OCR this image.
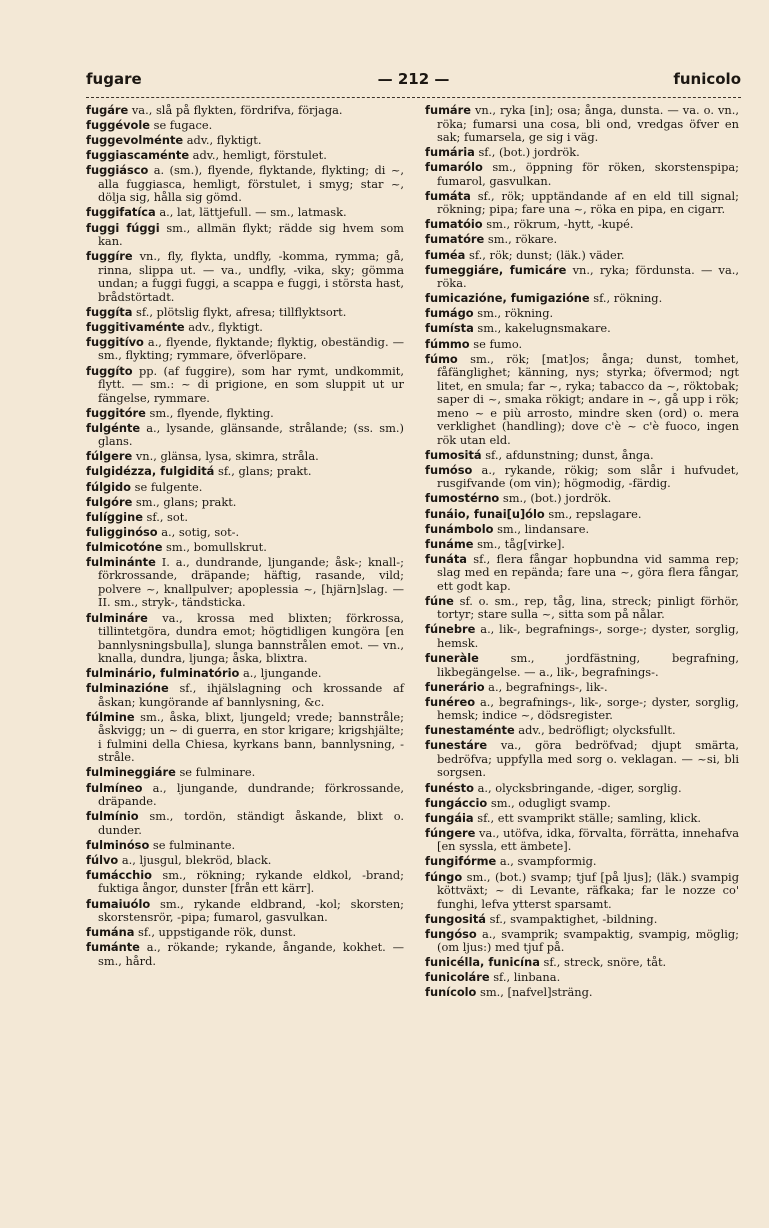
fugare	— 212 —	funicolo

fugáre va., slå på flykten, fördrifva, förjaga.

fuggévole se fugace.

fuggevolménte adv., flyktigt.

fuggiascaménte adv., hemligt, förstulet.

fuggiásco a. (sm.), flyende, flyktande, flykting; di ~, alla fuggiasca, hemligt, förstulet, i smyg; star ~, dölja sig, hålla sig gömd.

fuggifatíca a., lat, lättjefull. — sm., latmask.

fuggi fúggi sm., allmän flykt; rädde sig hvem som kan.

fuggíre vn., fly, flykta, undfly, -komma, rymma; gå, rinna, slippa ut. — va., undfly, -vika, sky; gömma undan; a fuggi fuggi, a scappa e fuggi, i största hast, brådstörtadt.

fuggíta sf., plötslig flykt, afresa; tillflyktsort.

fuggitivaménte adv., flyktigt.

fuggitívo a., flyende, flyktande; flyktig, obeständig. — sm., flykting; rymmare, öfverlöpare.

fuggíto pp. (af fuggire), som har rymt, undkommit, flytt. — sm.: ~ di prigione, en som sluppit ut ur fängelse, rymmare.

fuggitóre sm., flyende, flykting.

fulgénte a., lysande, glänsande, strålande; (ss. sm.) glans.

fúlgere vn., glänsa, lysa, skimra, stråla.

fulgidézza, fulgiditá sf., glans; prakt.

fúlgido se fulgente.

fulgóre sm., glans; prakt.

fulíggine sf., sot.

fuligginóso a., sotig, sot-.

fulmicotóne sm., bomullskrut.

fulminánte I. a., dundrande, ljungande; åsk-; knall-; förkrossande, dräpande; häftig, rasande, vild; polvere ~, knallpulver; apoplessia ~, [hjärn]slag. — II. sm., stryk-, tändsticka.

fulmináre va., krossa med blixten; förkrossa, tillintetgöra, dundra emot; högtidligen kungöra [en bannlysningsbulla], slunga bannstrålen emot. — vn., knalla, dundra, ljunga; åska, blixtra.

fulminário, fulminatório a., ljungande.

fulminazióne sf., ihjälslagning och krossande af åskan; kungörande af bannlysning, &c.

fúlmine sm., åska, blixt, ljungeld; vrede; bannstråle; åskvigg; un ~ di guerra, en stor krigare; krigshjälte; i fulmini della Chiesa, kyrkans bann, bannlysning, -stråle.

fulmineggiáre se fulminare.

fulmíneo a., ljungande, dundrande; förkrossande, dräpande.

fulmínio sm., tordön, ständigt åskande, blixt o. dunder.

fulminóso se fulminante.

fúlvo a., ljusgul, blekröd, black.

fumácchio sm., rökning; rykande eldkol, -brand; fuktiga ångor, dunster [från ett kärr].

fumaiuólo sm., rykande eldbrand, -kol; skorsten; skorstensrör, -pipa; fumarol, gasvulkan.

fumána sf., uppstigande rök, dunst.

fumánte a., rökande; rykande, ångande, kokhet. — sm., hård.

fumáre vn., ryka [in]; osa; ånga, dunsta. — va. o. vn., röka; fumarsi una cosa, bli ond, vredgas öfver en sak; fumarsela, ge sig i väg.

fumária sf., (bot.) jordrök.

fumarólo sm., öppning för röken, skorstenspipa; fumarol, gasvulkan.

fumáta sf., rök; upptändande af en eld till signal; rökning; pipa; fare una ~, röka en pipa, en cigarr.

fumatóio sm., rökrum, -hytt, -kupé.

fumatóre sm., rökare.

fuméa sf., rök; dunst; (läk.) väder.

fumeggiáre, fumicáre vn., ryka; fördunsta. — va., röka.

fumicazióne, fumigazióne sf., rökning.

fumágo sm., rökning.

fumísta sm., kakelugnsmakare.

fúmmo se fumo.

fúmo sm., rök; [mat]os; ånga; dunst, tomhet, fåfänglighet; känning, nys; styrka; öfvermod; ngt litet, en smula; far ~, ryka; tabacco da ~, röktobak; saper di ~, smaka rökigt; andare in ~, gå upp i rök; meno ~ e più arrosto, mindre sken (ord) o. mera verklighet (handling); dove c'è ~ c'è fuoco, ingen rök utan eld.

fumositá sf., afdunstning; dunst, ånga.

fumóso a., rykande, rökig; som slår i hufvudet, rusgifvande (om vin); högmodig, -färdig.

fumostérno sm., (bot.) jordrök.

funáio, funai[u]ólo sm., repslagare.

funámbolo sm., lindansare.

funáme sm., tåg[virke].

funáta sf., flera fångar hopbundna vid samma rep; slag med en repända; fare una ~, göra flera fångar, ett godt kap.

fúne sf. o. sm., rep, tåg, lina, streck; pinligt förhör, tortyr; stare sulla ~, sitta som på nålar.

fúnebre a., lik-, begrafnings-, sorge-; dyster, sorglig, hemsk.

funeràle sm., jordfästning, begrafning, likbegängelse. — a., lik-, begrafnings-.

funerário a., begrafnings-, lik-.

funéreo a., begrafnings-, lik-, sorge-; dyster, sorglig, hemsk; indice ~, dödsregister.

funestaménte adv., bedröfligt; olycksfullt.

funestáre va., göra bedröfvad; djupt smärta, bedröfva; uppfylla med sorg o. veklagan. — ~si, bli sorgsen.

funésto a., olycksbringande, -diger, sorglig.

fungáccio sm., odugligt svamp.

fungáia sf., ett svamprikt ställe; samling, klick.

fúngere va., utöfva, idka, förvalta, förrätta, innehafva [en syssla, ett ämbete].

fungifórme a., svampformig.

fúngo sm., (bot.) svamp; tjuf [på ljus]; (läk.) svampig köttväxt; ~ di Levante, räfkaka; far le nozze co' funghi, lefva ytterst sparsamt.

fungositá sf., svampaktighet, -bildning.

fungóso a., svamprik; svampaktig, svampig, möglig; (om ljus:) med tjuf på.

funicélla, funicína sf., streck, snöre, tåt.

funicoláre sf., linbana.

funícolo sm., [nafvel]sträng.
